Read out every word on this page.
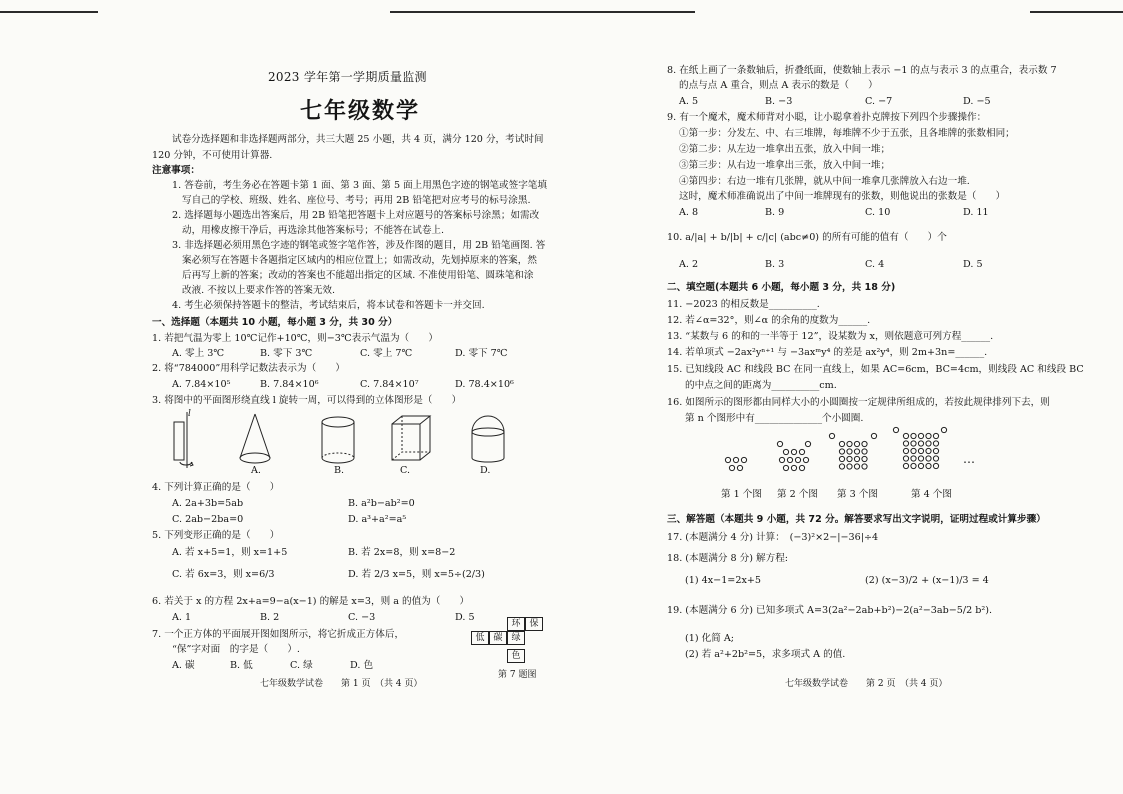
2023 学年第一学期质量监测
七年级数学
试卷分选择题和非选择题两部分，共三大题 25 小题，共 4 页，满分 120 分，考试时间
120 分钟，不可使用计算器.
注意事项：
1. 答卷前，考生务必在答题卡第 1 面、第 3 面、第 5 面上用黑色字迹的钢笔或签字笔填
写自己的学校、班级、姓名、座位号、考号；再用 2B 铅笔把对应考号的标号涂黑.
2. 选择题每小题选出答案后，用 2B 铅笔把答题卡上对应题号的答案标号涂黑；如需改
动，用橡皮擦干净后，再选涂其他答案标号；不能答在试卷上.
3. 非选择题必须用黑色字迹的钢笔或签字笔作答，涉及作图的题目，用 2B 铅笔画图. 答
案必须写在答题卡各题指定区域内的相应位置上；如需改动，先划掉原来的答案，然
后再写上新的答案；改动的答案也不能超出指定的区域. 不准使用铅笔、圆珠笔和涂
改液. 不按以上要求作答的答案无效.
4. 考生必须保持答题卡的整洁，考试结束后，将本试卷和答题卡一并交回.
一、选择题（本题共 10 小题，每小题 3 分，共 30 分）
1. 若把气温为零上 10℃记作+10℃，则−3℃表示气温为（　　）
A. 零上 3℃	B. 零下 3℃	C. 零上 7℃	D. 零下 7℃
2. 将“784000”用科学记数法表示为（　　）
A. 7.84×10⁵	B. 7.84×10⁶	C. 7.84×10⁷	D. 78.4×10⁶
3. 将图中的平面图形绕直线 l 旋转一周，可以得到的立体图形是（　　）
l
A.	B.	C.	D.
4. 下列计算正确的是（　　）
A. 2a+3b=5ab	B. a²b−ab²=0
C. 2ab−2ba=0	D. a³+a²=a⁵
5. 下列变形正确的是（　　）
A. 若 x+5=1，则 x=1+5	B. 若 2x=8，则 x=8−2
C. 若 6x=3，则 x=6/3	D. 若 2/3 x=5，则 x=5÷(2/3)
6. 若关于 x 的方程 2x+a=9−a(x−1) 的解是 x=3，则 a 的值为（　　）
A. 1	B. 2	C. −3	D. 5
7. 一个正方体的平面展开图如图所示，将它折成正方体后，
“保”字对面　的字是（　　）.
A. 碳	B. 低	C. 绿	D. 色
环 保
低 碳 绿
色
第 7 题图
七年级数学试卷　　第 1 页　（共 4 页）
8. 在纸上画了一条数轴后，折叠纸面，使数轴上表示 −1 的点与表示 3 的点重合，表示数 7
的点与点 A 重合，则点 A 表示的数是（　　）
A. 5	B. −3	C. −7	D. −5
9. 有一个魔术，魔术师背对小聪，让小聪拿着扑克牌按下列四个步骤操作：
①第一步：分发左、中、右三堆牌，每堆牌不少于五张，且各堆牌的张数相同；
②第二步：从左边一堆拿出五张，放入中间一堆；
③第三步：从右边一堆拿出三张，放入中间一堆；
④第四步：右边一堆有几张牌，就从中间一堆拿几张牌放入右边一堆.
这时，魔术师准确说出了中间一堆牌现有的张数，则他说出的张数是（　　）
A. 8	B. 9	C. 10	D. 11
10. a/|a| + b/|b| + c/|c| (abc≠0) 的所有可能的值有（　　）个
A. 2	B. 3	C. 4	D. 5
二、填空题(本题共 6 小题，每小题 3 分，共 18 分)
11. −2023 的相反数是__________.
12. 若∠α=32°，则∠α 的余角的度数为______.
13. “某数与 6 的和的一半等于 12”，设某数为 x，则依题意可列方程______.
14. 若单项式 −2ax²yⁿ⁺¹ 与 −3axᵐy⁴ 的差是 ax²y⁴，则 2m+3n=______.
15. 已知线段 AC 和线段 BC 在同一直线上，如果 AC=6cm，BC=4cm，则线段 AC 和线段 BC
的中点之间的距离为__________cm.
16. 如图所示的图形都由同样大小的小圆圈按一定规律所组成的，若按此规律排列下去，则
第 n 个图形中有______________个小圆圈.
第 1 个图 第 2 个图 第 3 个图	第 4 个图
…
三、解答题（本题共 9 小题，共 72 分。解答要求写出文字说明，证明过程或计算步骤）
17. (本题满分 4 分) 计算：　(−3)²×2−|−36|÷4
18. (本题满分 8 分) 解方程:
(1) 4x−1=2x+5	(2) (x−3)/2 + (x−1)/3 = 4
19. (本题满分 6 分) 已知多项式 A=3(2a²−2ab+b²)−2(a²−3ab−5/2 b²).
(1) 化简 A;
(2) 若 a²+2b²=5，求多项式 A 的值.
七年级数学试卷　　第 2 页　（共 4 页）
